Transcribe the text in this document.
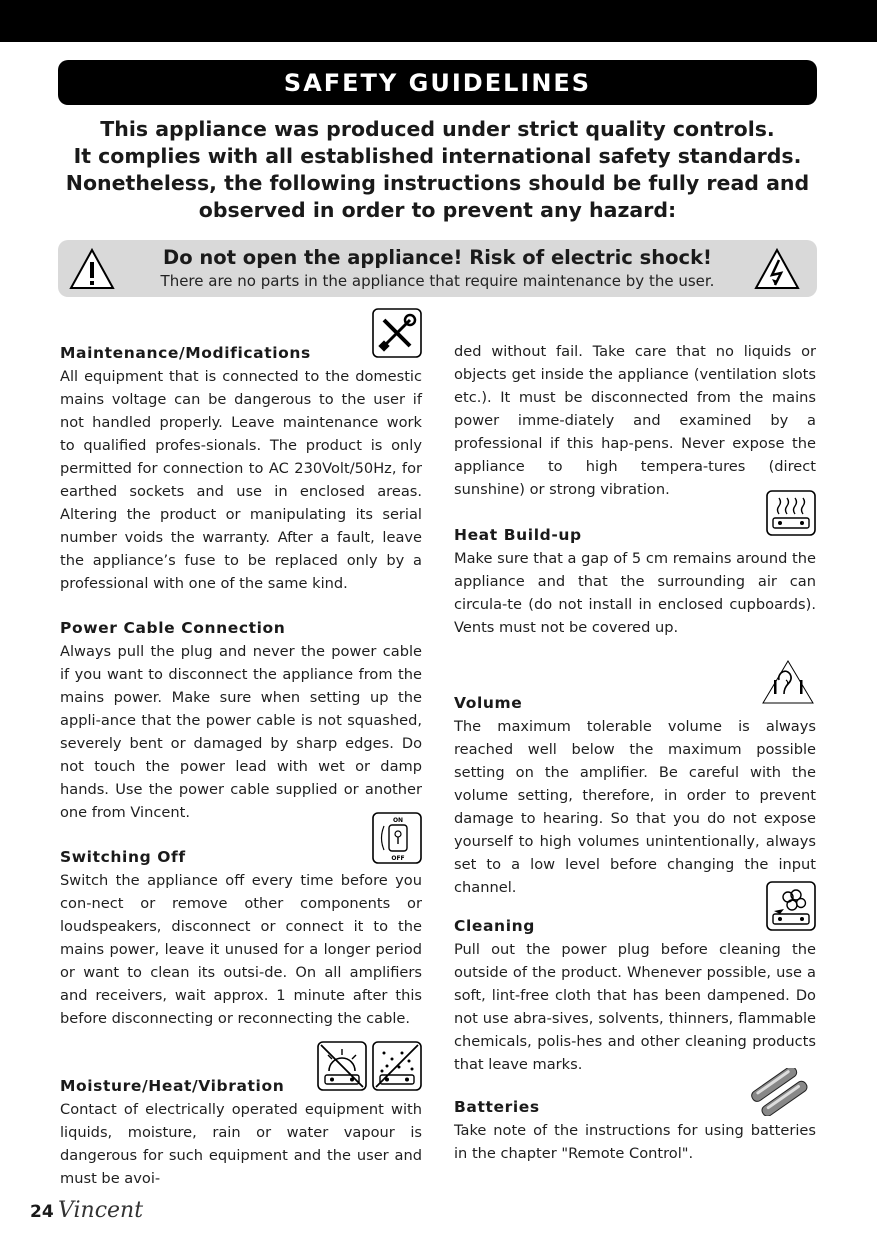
SAFETY GUIDELINES

This appliance was produced under strict quality controls.
It complies with all established international safety standards.
Nonetheless, the following instructions should be fully read and
observed in order to prevent any hazard:

Do not open the appliance! Risk of electric shock!
There are no parts in the appliance that require maintenance by the user.
Maintenance/Modifications

All equipment that is connected to the domestic mains voltage can be dangerous to the user if not handled properly. Leave maintenance work to qualified profes-sionals. The product is only permitted for connection to AC 230Volt/50Hz, for earthed sockets and use in enclosed areas. Altering the product or manipulating its serial number voids the warranty. After a fault, leave the appliance’s fuse to be replaced only by a professional with one of the same kind.

Power Cable Connection

Always pull the plug and never the power cable if you want to disconnect the appliance from the mains power. Make sure when setting up the appli-ance that the power cable is not squashed, severely bent or damaged by sharp edges. Do not touch the power lead with wet or damp hands. Use the power cable supplied or another one from Vincent.

Switching Off
ON
OFF

Switch the appliance off every time before you con-nect or remove other components or loudspeakers, disconnect or connect it to the mains power, leave it unused for a longer period or want to clean its outsi-de. On all amplifiers and receivers, wait approx. 1 minute after this before disconnecting or reconnecting the cable.

Moisture/Heat/Vibration

Contact of electrically operated equipment with liquids, moisture, rain or water vapour is dangerous for such equipment and the user and must be avoi-

ded without fail. Take care that no liquids or objects get inside the appliance (ventilation slots etc.). It must be disconnected from the mains power imme-diately and examined by a professional if this hap-pens. Never expose the appliance to high tempera-tures (direct sunshine) or strong vibration.

Heat Build-up

Make sure that a gap of 5 cm remains around the appliance and that the surrounding air can circula-te (do not install in enclosed cupboards). Vents must not be covered up.

Volume

The maximum tolerable volume is always reached well below the maximum possible setting on the amplifier. Be careful with the volume setting, therefore, in order to prevent damage to hearing. So that you do not expose yourself to high volumes unintentionally, always set to a low level before changing the input channel.

Cleaning

Pull out the power plug before cleaning the outside of the product. Whenever possible, use a soft, lint-free cloth that has been dampened. Do not use abra-sives, solvents, thinners, flammable chemicals, polis-hes and other cleaning products that leave marks.

Batteries

Take note of the instructions for using batteries in the chapter "Remote Control".

24 Vincent
